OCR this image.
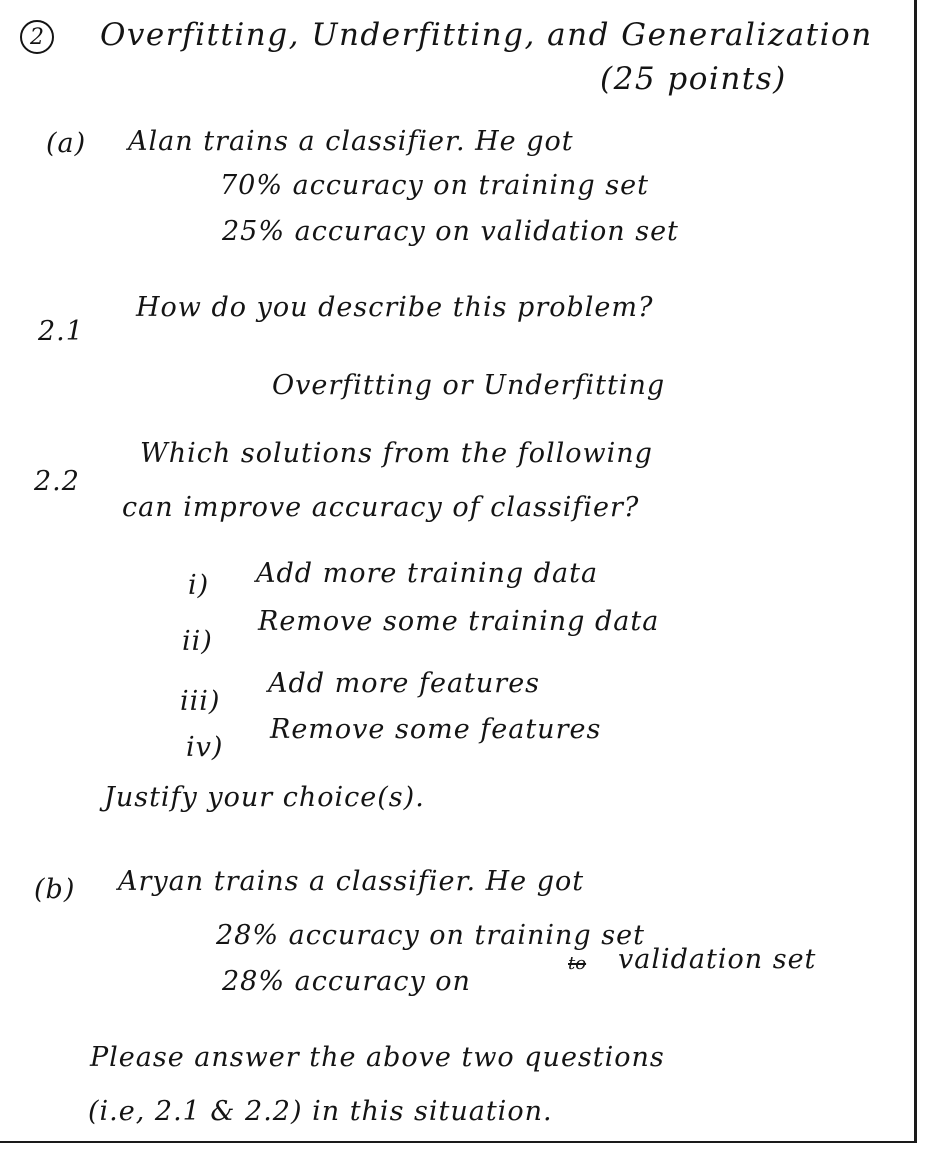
2	Overfitting, Underfitting, and Generalization
(25 points)
(a) Alan trains a classifier. He got
70% accuracy on training set
25% accuracy on validation set
2.1
How do you describe this problem?
Overfitting or Underfitting
2.2
Which solutions from the following
can improve accuracy of classifier?
i) Add more training data
ii)
Remove some training data
iii)
Add more features
iv)
Remove some features
Justify your choice(s).
(b) Aryan trains a classifier. He got
28% accuracy on training set
28% accuracy on
to validation set
Please answer the above two questions
(i.e, 2.1 & 2.2) in this situation.
